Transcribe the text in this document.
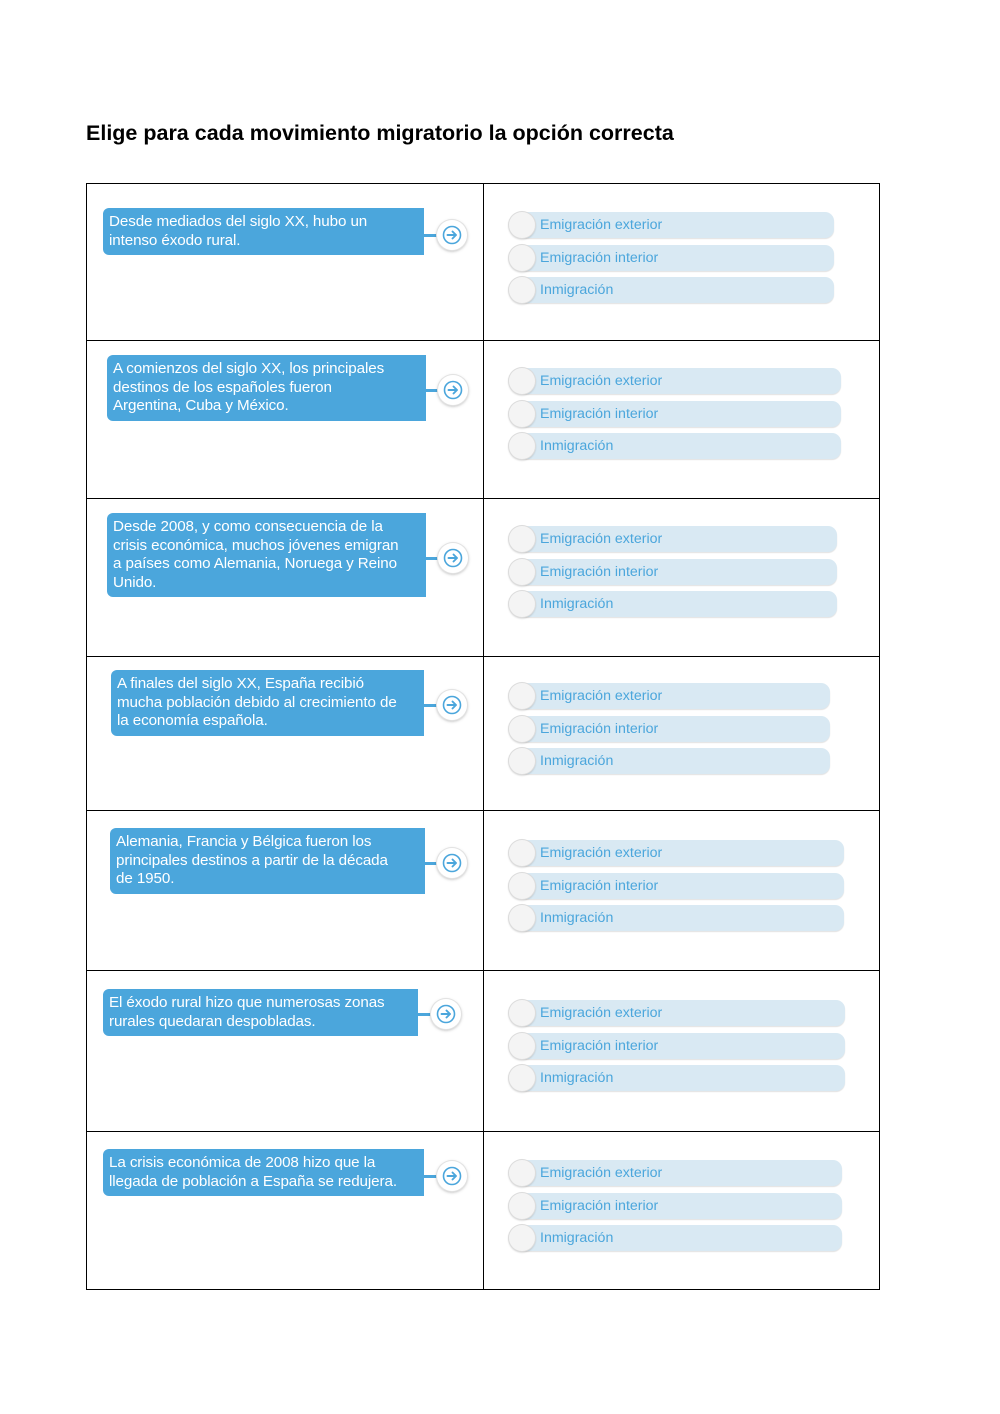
Elige para cada movimiento migratorio la opción correcta
Desde mediados del siglo XX, hubo un
intenso éxodo rural.
Emigración exterior
Emigración interior
Inmigración
A comienzos del siglo XX, los principales
destinos de los españoles fueron
Argentina, Cuba y México.
Emigración exterior
Emigración interior
Inmigración
Desde 2008, y como consecuencia de la
crisis económica, muchos jóvenes emigran
a países como Alemania, Noruega y Reino
Unido.
Emigración exterior
Emigración interior
Inmigración
A finales del siglo XX, España recibió
mucha población debido al crecimiento de
la economía española.
Emigración exterior
Emigración interior
Inmigración
Alemania, Francia y Bélgica fueron los
principales destinos a partir de la década
de 1950.
Emigración exterior
Emigración interior
Inmigración
El éxodo rural hizo que numerosas zonas
rurales quedaran despobladas.	Emigración exterior
Emigración interior
Inmigración
La crisis económica de 2008 hizo que la
llegada de población a España se redujera.	Emigración exterior
Emigración interior
Inmigración
